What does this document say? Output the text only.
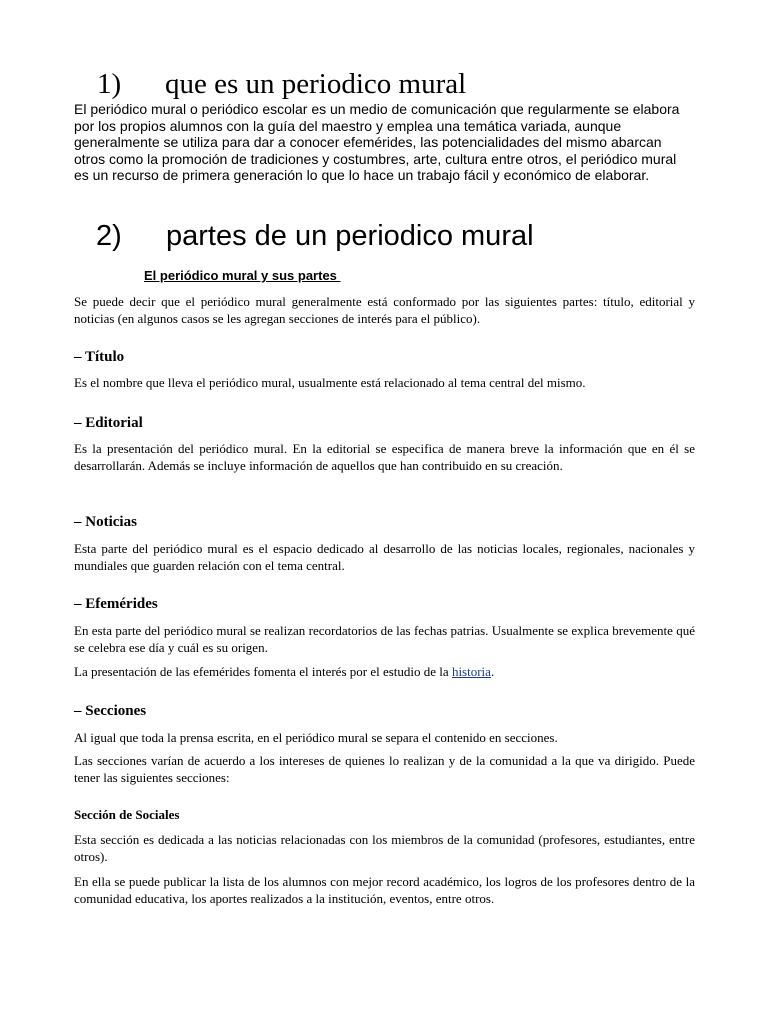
1) que es un periodico mural
El periódico mural o periódico escolar es un medio de comunicación que regularmente se elabora por los propios alumnos con la guía del maestro y emplea una temática variada, aunque generalmente se utiliza para dar a conocer efemérides, las potencialidades del mismo abarcan otros como la promoción de tradiciones y costumbres, arte, cultura entre otros, el periódico mural es un recurso de primera generación lo que lo hace un trabajo fácil y económico de elaborar.
2) partes de un periodico mural
El periódico mural y sus partes
Se puede decir que el periódico mural generalmente está conformado por las siguientes partes: título, editorial y noticias (en algunos casos se les agregan secciones de interés para el público).
– Título
Es el nombre que lleva el periódico mural, usualmente está relacionado al tema central del mismo.
– Editorial
Es la presentación del periódico mural. En la editorial se especifica de manera breve la información que en él se desarrollarán. Además se incluye información de aquellos que han contribuido en su creación.
– Noticias
Esta parte del periódico mural es el espacio dedicado al desarrollo de las noticias locales, regionales, nacionales y mundiales que guarden relación con el tema central.
– Efemérides
En esta parte del periódico mural se realizan recordatorios de las fechas patrias. Usualmente se explica brevemente qué se celebra ese día y cuál es su origen.
La presentación de las efemérides fomenta el interés por el estudio de la historia.
– Secciones
Al igual que toda la prensa escrita, en el periódico mural se separa el contenido en secciones.
Las secciones varían de acuerdo a los intereses de quienes lo realizan y de la comunidad a la que va dirigido. Puede tener las siguientes secciones:
Sección de Sociales
Esta sección es dedicada a las noticias relacionadas con los miembros de la comunidad (profesores, estudiantes, entre otros).
En ella se puede publicar la lista de los alumnos con mejor record académico, los logros de los profesores dentro de la comunidad educativa, los aportes realizados a la institución, eventos, entre otros.
